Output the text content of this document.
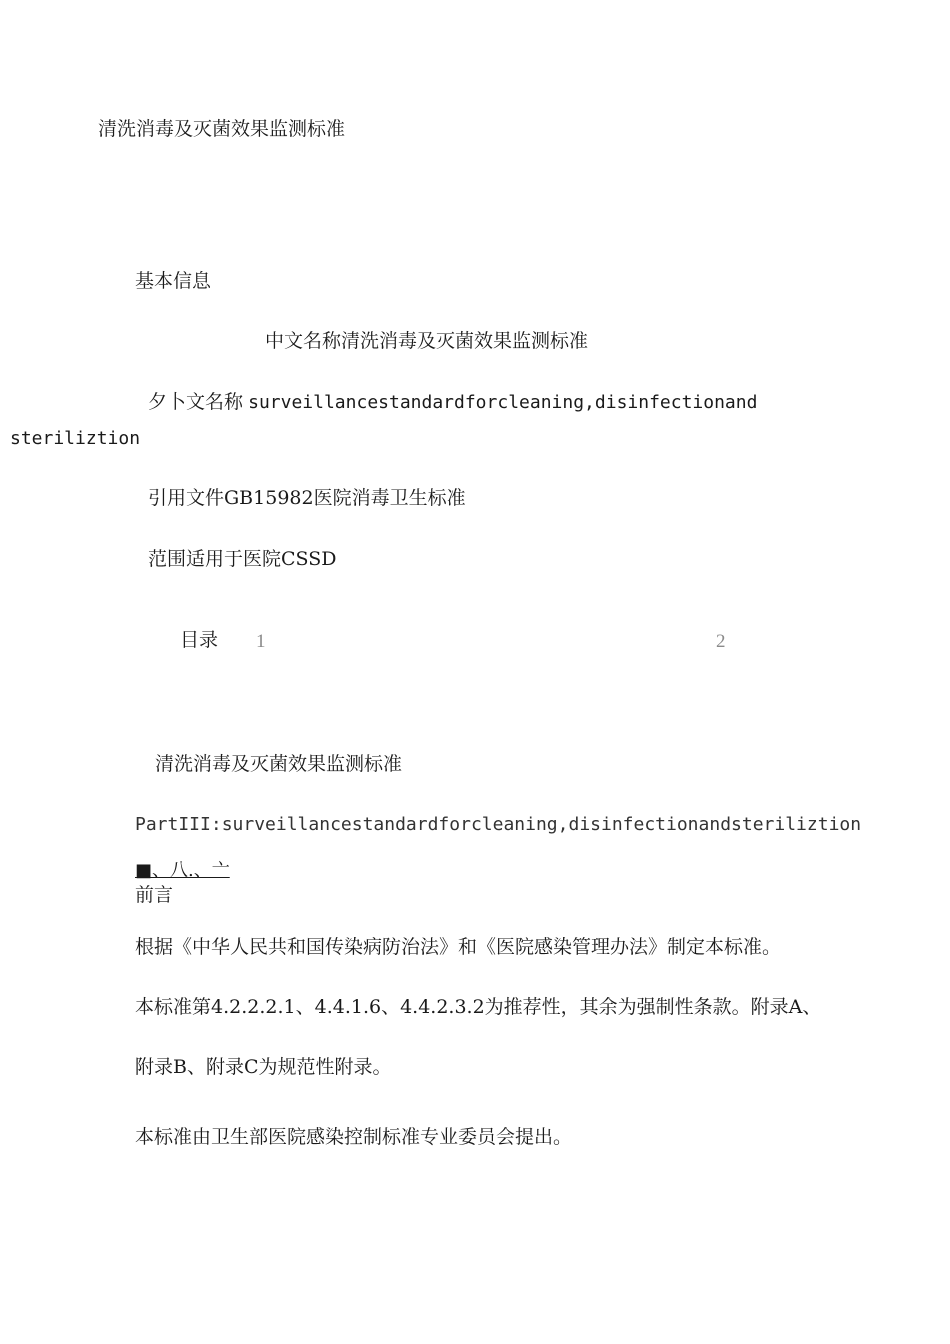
清洗消毒及灭菌效果监测标准
基本信息
中文名称清洗消毒及灭菌效果监测标准
夕卜文名称 surveillancestandardforcleaning,disinfectionand
steriliztion
引用文件GB15982医院消毒卫生标准
范围适用于医院CSSD
目录 1	2
清洗消毒及灭菌效果监测标准
PartIII:surveillancestandardforcleaning,disinfectionandsteriliztion
■、八.、亠
前言
根据《中华人民共和国传染病防治法》和《医院感染管理办法》制定本标准。
本标准第4.2.2.2.1、4.4.1.6、4.4.2.3.2为推荐性，其余为强制性条款。附录A、
附录B、附录C为规范性附录。
本标准由卫生部医院感染控制标准专业委员会提出。
